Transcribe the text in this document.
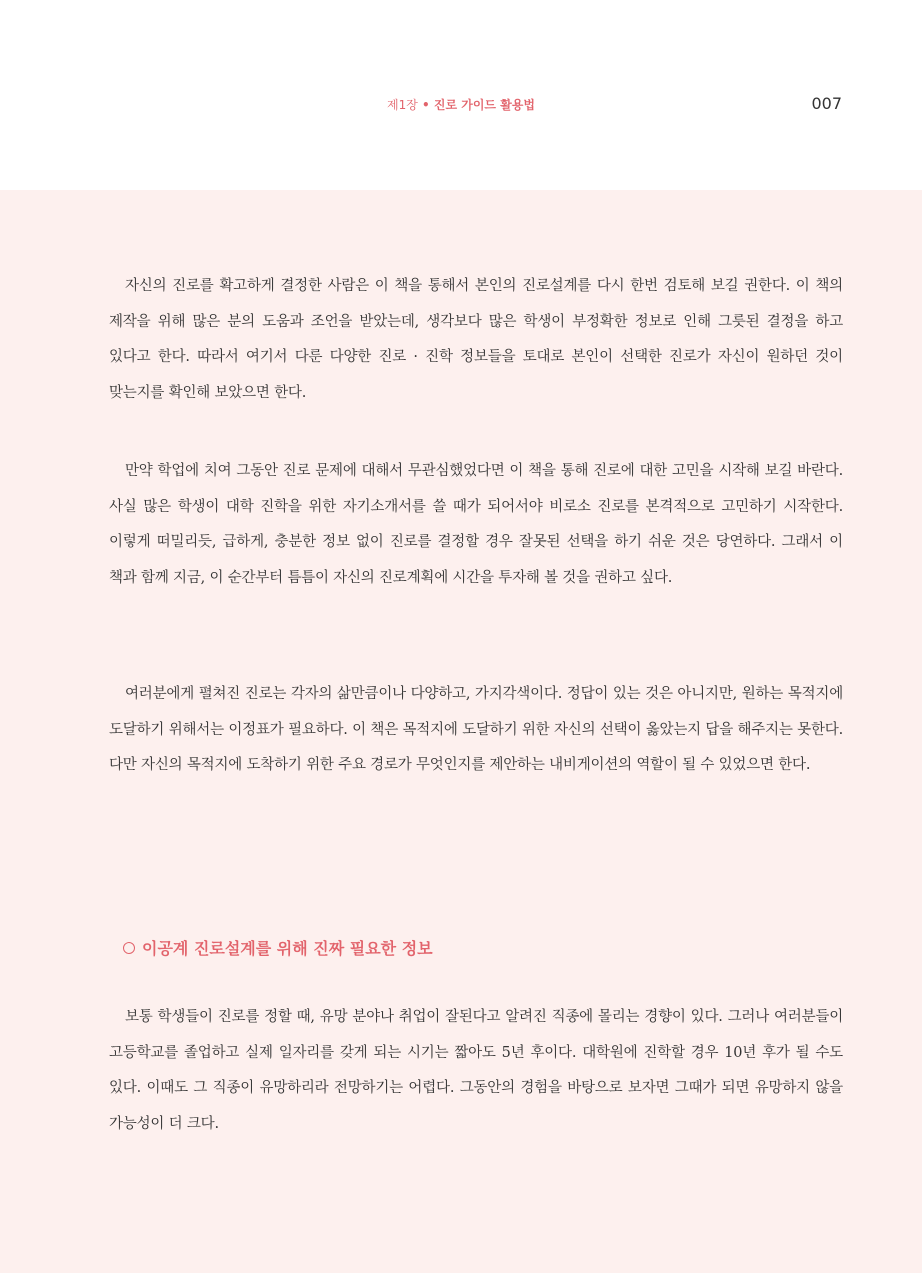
제1장 • 진로 가이드 활용법	007

자신의 진로를 확고하게 결정한 사람은 이 책을 통해서 본인의 진로설계를 다시 한번 검토해 보길 권한다. 이 책의 제작을 위해 많은 분의 도움과 조언을 받았는데, 생각보다 많은 학생이 부정확한 정보로 인해 그릇된 결정을 하고 있다고 한다. 따라서 여기서 다룬 다양한 진로 · 진학 정보들을 토대로 본인이 선택한 진로가 자신이 원하던 것이 맞는지를 확인해 보았으면 한다.

만약 학업에 치여 그동안 진로 문제에 대해서 무관심했었다면 이 책을 통해 진로에 대한 고민을 시작해 보길 바란다. 사실 많은 학생이 대학 진학을 위한 자기소개서를 쓸 때가 되어서야 비로소 진로를 본격적으로 고민하기 시작한다. 이렇게 떠밀리듯, 급하게, 충분한 정보 없이 진로를 결정할 경우 잘못된 선택을 하기 쉬운 것은 당연하다. 그래서 이 책과 함께 지금, 이 순간부터 틈틈이 자신의 진로계획에 시간을 투자해 볼 것을 권하고 싶다.

여러분에게 펼쳐진 진로는 각자의 삶만큼이나 다양하고, 가지각색이다. 정답이 있는 것은 아니지만, 원하는 목적지에 도달하기 위해서는 이정표가 필요하다. 이 책은 목적지에 도달하기 위한 자신의 선택이 옳았는지 답을 해주지는 못한다. 다만 자신의 목적지에 도착하기 위한 주요 경로가 무엇인지를 제안하는 내비게이션의 역할이 될 수 있었으면 한다.

이공계 진로설계를 위해 진짜 필요한 정보

보통 학생들이 진로를 정할 때, 유망 분야나 취업이 잘된다고 알려진 직종에 몰리는 경향이 있다. 그러나 여러분들이 고등학교를 졸업하고 실제 일자리를 갖게 되는 시기는 짧아도 5년 후이다. 대학원에 진학할 경우 10년 후가 될 수도 있다. 이때도 그 직종이 유망하리라 전망하기는 어렵다. 그동안의 경험을 바탕으로 보자면 그때가 되면 유망하지 않을 가능성이 더 크다.
